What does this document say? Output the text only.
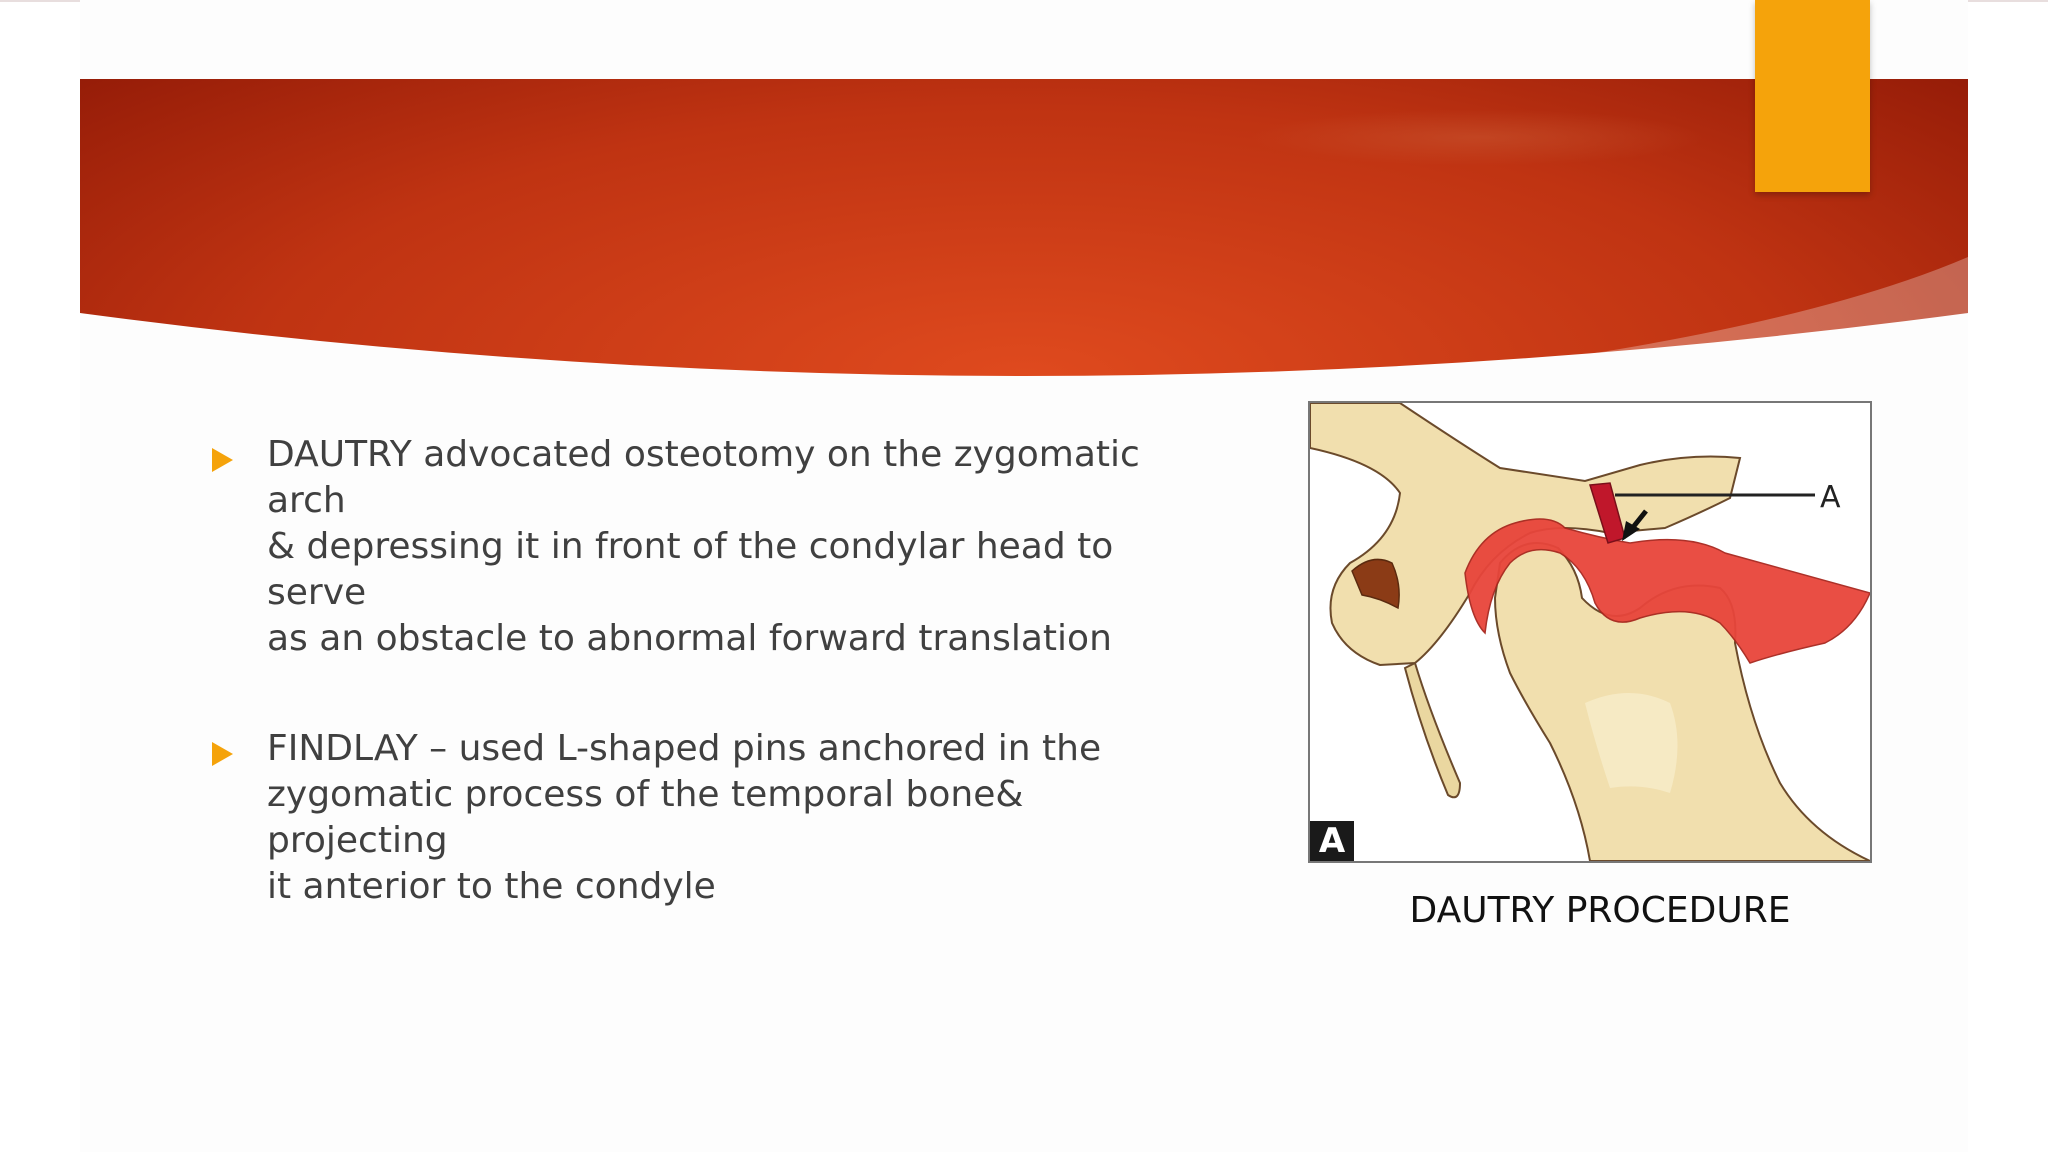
DAUTRY advocated osteotomy on the zygomatic arch
& depressing it in front of the condylar head to serve
as an obstacle to abnormal forward translation
FINDLAY – used L-shaped pins anchored in the
zygomatic process of the temporal bone& projecting
it anterior to the condyle
A
A
DAUTRY PROCEDURE
